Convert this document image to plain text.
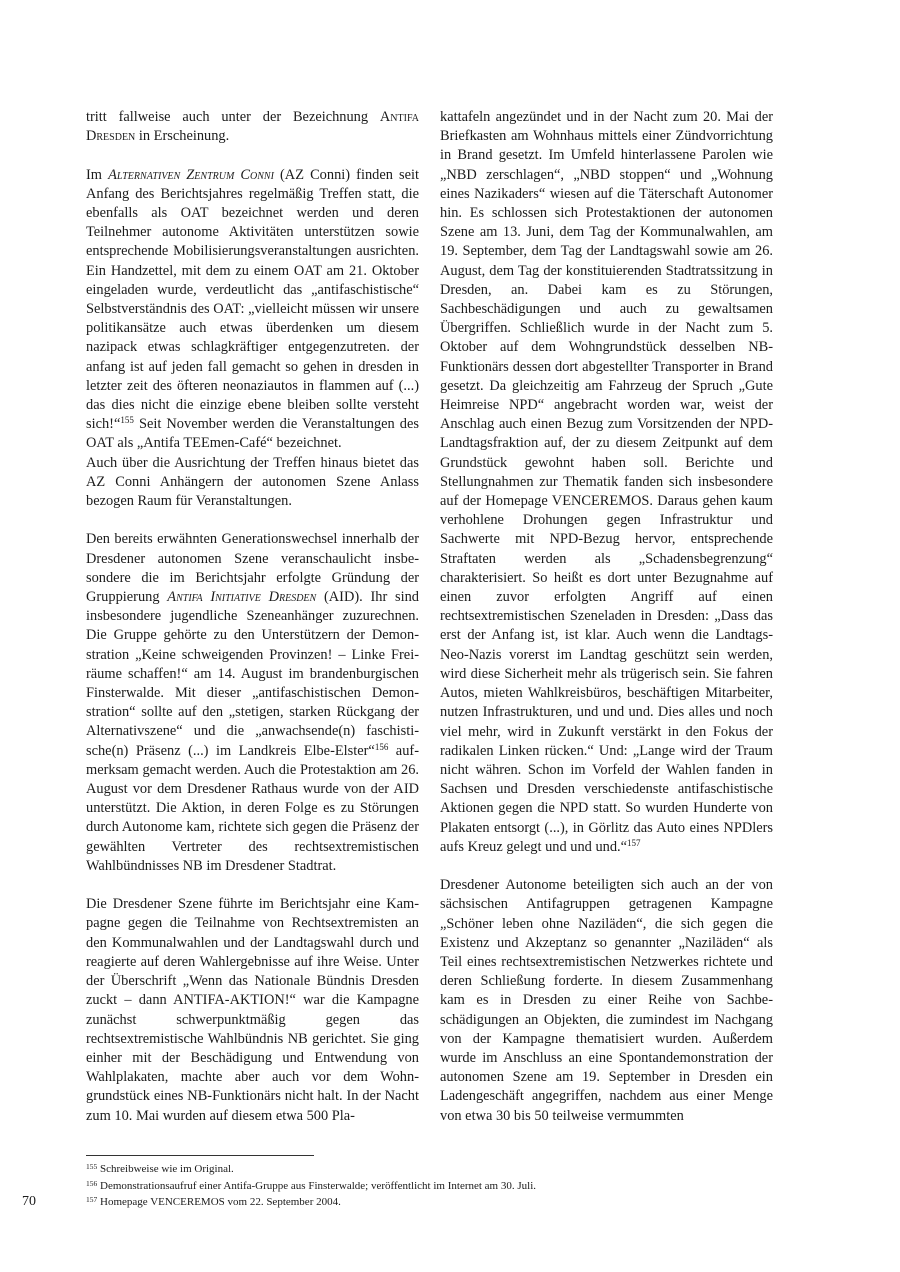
tritt fallweise auch unter der Bezeichnung Antifa Dresden in Erscheinung.

Im Alternativen Zentrum Conni (AZ Conni) finden seit Anfang des Berichtsjahres regelmäßig Treffen statt, die ebenfalls als OAT bezeichnet werden und deren Teilnehmer autonome Aktivitäten unterstützen sowie entsprechende Mobilisierungsveranstaltungen ausrichten. Ein Handzettel, mit dem zu einem OAT am 21. Oktober eingeladen wurde, verdeutlicht das „antifaschistische“ Selbstverständnis des OAT: „vielleicht müssen wir unsere politikansätze auch etwas überdenken um diesem nazipack etwas schlagkräftiger entgegenzutreten. der anfang ist auf jeden fall gemacht so gehen in dresden in letzter zeit des öfteren neonaziautos in flammen auf (...) das dies nicht die einzige ebene bleiben sollte versteht sich!“$^{155}$ Seit November werden die Veranstaltungen des OAT als „Antifa TEEmen-Café“ bezeichnet.

Auch über die Ausrichtung der Treffen hinaus bietet das AZ Conni Anhängern der autonomen Szene Anlass bezogen Raum für Veranstaltungen.

Den bereits erwähnten Generationswechsel innerhalb der Dresdener autonomen Szene veranschaulicht insbesondere die im Berichtsjahr erfolgte Gründung der Gruppierung Antifa Initiative Dresden (AID). Ihr sind insbesondere jugendliche Szeneanhänger zuzurechnen. Die Gruppe gehörte zu den Unterstützern der Demonstration „Keine schweigenden Provinzen! – Linke Freiräume schaffen!“ am 14. August im brandenburgischen Finsterwalde. Mit dieser „antifaschistischen Demonstration“ sollte auf den „stetigen, starken Rückgang der Alternativszene“ und die „anwachsende(n) faschistische(n) Präsenz (...) im Landkreis Elbe-Elster“$^{156}$ aufmerksam gemacht werden. Auch die Protestaktion am 26. August vor dem Dresdener Rathaus wurde von der AID unterstützt. Die Aktion, in deren Folge es zu Störungen durch Autonome kam, richtete sich gegen die Präsenz der gewählten Vertreter des rechtsextremistischen Wahlbündnisses NB im Dresdener Stadtrat.

Die Dresdener Szene führte im Berichtsjahr eine Kampagne gegen die Teilnahme von Rechtsextremisten an den Kommunalwahlen und der Landtagswahl durch und reagierte auf deren Wahlergebnisse auf ihre Weise. Unter der Überschrift „Wenn das Nationale Bündnis Dresden zuckt – dann ANTIFA-AKTION!“ war die Kampagne zunächst schwerpunktmäßig gegen das rechtsextremistische Wahlbündnis NB gerichtet. Sie ging einher mit der Beschädigung und Entwendung von Wahlplakaten, machte aber auch vor dem Wohngrundstück eines NB-Funktionärs nicht halt. In der Nacht zum 10. Mai wurden auf diesem etwa 500 Pla-

kattafeln angezündet und in der Nacht zum 20. Mai der Briefkasten am Wohnhaus mittels einer Zündvorrichtung in Brand gesetzt. Im Umfeld hinterlassene Parolen wie „NBD zerschlagen“, „NBD stoppen“ und „Wohnung eines Nazikaders“ wiesen auf die Täterschaft Autonomer hin. Es schlossen sich Protestaktionen der autonomen Szene am 13. Juni, dem Tag der Kommunalwahlen, am 19. September, dem Tag der Landtagswahl sowie am 26. August, dem Tag der konstituierenden Stadtratssitzung in Dresden, an. Dabei kam es zu Störungen, Sachbeschädigungen und auch zu gewaltsamen Übergriffen. Schließlich wurde in der Nacht zum 5. Oktober auf dem Wohngrundstück desselben NB-Funktionärs dessen dort abgestellter Transporter in Brand gesetzt. Da gleichzeitig am Fahrzeug der Spruch „Gute Heimreise NPD“ angebracht worden war, weist der Anschlag auch einen Bezug zum Vorsitzenden der NPD-Landtagsfraktion auf, der zu diesem Zeitpunkt auf dem Grundstück gewohnt haben soll. Berichte und Stellungnahmen zur Thematik fanden sich insbesondere auf der Homepage VENCEREMOS. Daraus gehen kaum verhohlene Drohungen gegen Infrastruktur und Sachwerte mit NPD-Bezug hervor, entsprechende Straftaten werden als „Schadensbegrenzung“ charakterisiert. So heißt es dort unter Bezugnahme auf einen zuvor erfolgten Angriff auf einen rechtsextremistischen Szeneladen in Dresden: „Dass das erst der Anfang ist, ist klar. Auch wenn die Landtags-Neo-Nazis vorerst im Landtag geschützt sein werden, wird diese Sicherheit mehr als trügerisch sein. Sie fahren Autos, mieten Wahlkreisbüros, beschäftigen Mitarbeiter, nutzen Infrastrukturen, und und und. Dies alles und noch viel mehr, wird in Zukunft verstärkt in den Fokus der radikalen Linken rücken.“ Und: „Lange wird der Traum nicht währen. Schon im Vorfeld der Wahlen fanden in Sachsen und Dresden verschiedenste antifaschistische Aktionen gegen die NPD statt. So wurden Hunderte von Plakaten entsorgt (...), in Görlitz das Auto eines NPDlers aufs Kreuz gelegt und und und.“$^{157}$

Dresdener Autonome beteiligten sich auch an der von sächsischen Antifagruppen getragenen Kampagne „Schöner leben ohne Naziläden“, die sich gegen die Existenz und Akzeptanz so genannter „Naziläden“ als Teil eines rechtsextremistischen Netzwerkes richtete und deren Schließung forderte. In diesem Zusammenhang kam es in Dresden zu einer Reihe von Sachbeschädigungen an Objekten, die zumindest im Nachgang von der Kampagne thematisiert wurden. Außerdem wurde im Anschluss an eine Spontandemonstration der autonomen Szene am 19. September in Dresden ein Ladengeschäft angegriffen, nachdem aus einer Menge von etwa 30 bis 50 teilweise vermummten

$^{155}$ Schreibweise wie im Original.
$^{156}$ Demonstrationsaufruf einer Antifa-Gruppe aus Finsterwalde; veröffentlicht im Internet am 30. Juli.
$^{157}$ Homepage VENCEREMOS vom 22. September 2004.
70
